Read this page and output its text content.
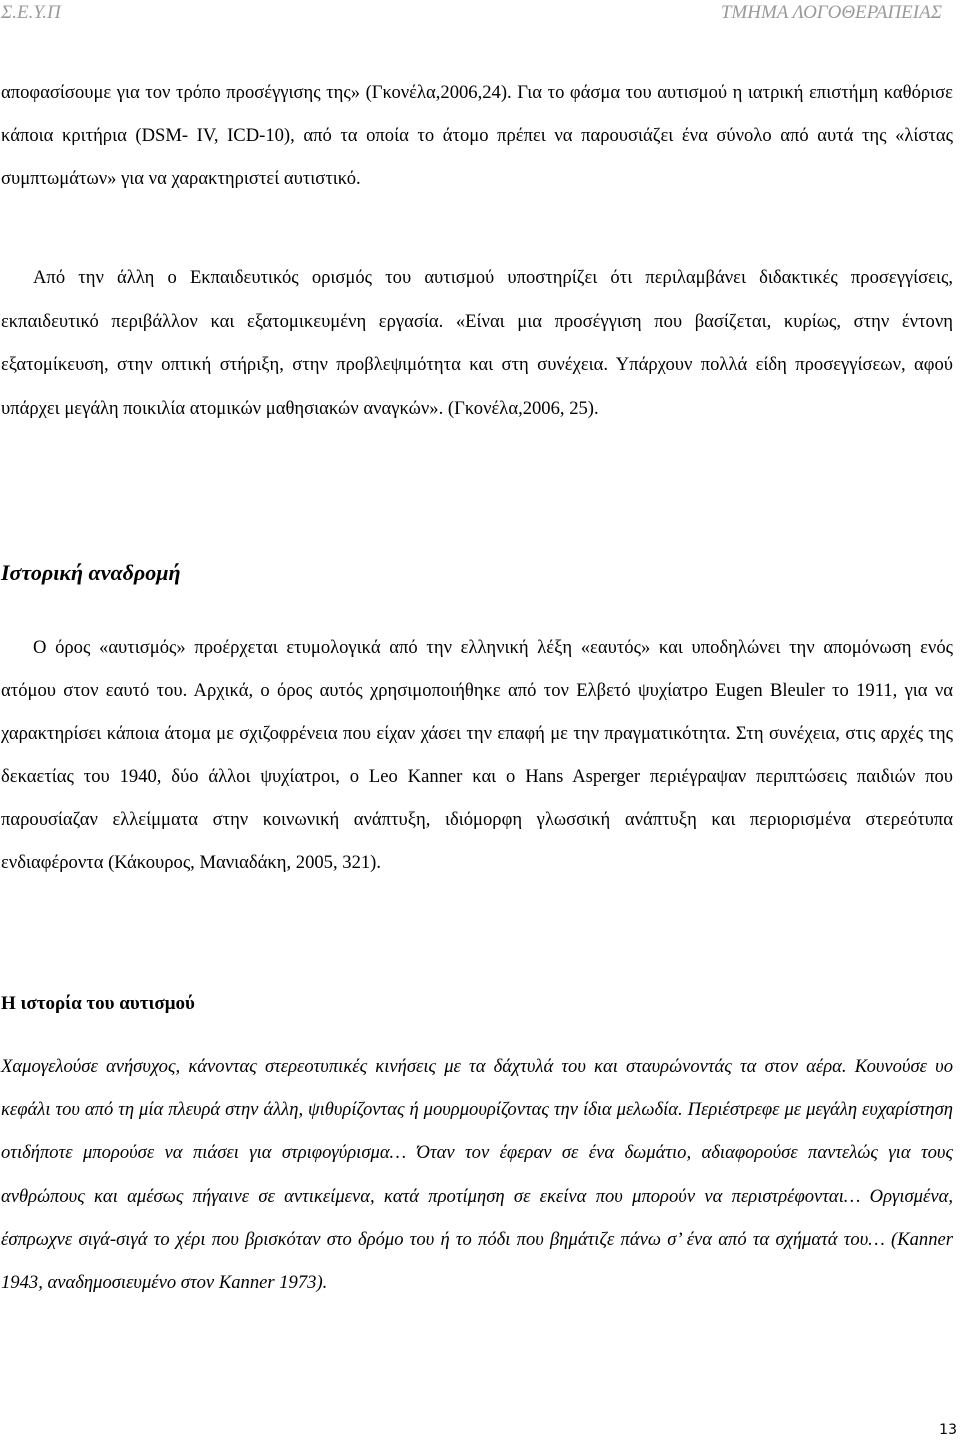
Σ.Ε.Υ.Π	ΤΜΗΜΑ ΛΟΓΟΘΕΡΑΠΕΙΑΣ

αποφασίσουμε για τον τρόπο προσέγγισης της» (Γκονέλα,2006,24). Για το φάσμα του αυτισμού η ιατρική επιστήμη καθόρισε κάποια κριτήρια (DSM- IV, ICD-10), από τα οποία το άτομο πρέπει να παρουσιάζει ένα σύνολο από αυτά της «λίστας συμπτωμάτων» για να χαρακτηριστεί αυτιστικό.

Από την άλλη ο Εκπαιδευτικός ορισμός του αυτισμού υποστηρίζει ότι περιλαμβάνει διδακτικές προσεγγίσεις, εκπαιδευτικό περιβάλλον και εξατομικευμένη εργασία. «Είναι μια προσέγγιση που βασίζεται, κυρίως, στην έντονη εξατομίκευση, στην οπτική στήριξη, στην προβλεψιμότητα και στη συνέχεια. Υπάρχουν πολλά είδη προσεγγίσεων, αφού υπάρχει μεγάλη ποικιλία ατομικών μαθησιακών αναγκών». (Γκονέλα,2006, 25).

Ιστορική αναδρομή

Ο όρος «αυτισμός» προέρχεται ετυμολογικά από την ελληνική λέξη «εαυτός» και υποδηλώνει την απομόνωση ενός ατόμου στον εαυτό του. Αρχικά, ο όρος αυτός χρησιμοποιήθηκε από τον Ελβετό ψυχίατρο Eugen Bleuler το 1911, για να χαρακτηρίσει κάποια άτομα με σχιζοφρένεια που είχαν χάσει την επαφή με την πραγματικότητα. Στη συνέχεια, στις αρχές της δεκαετίας του 1940, δύο άλλοι ψυχίατροι, ο Leo Kanner και ο Hans Asperger περιέγραψαν περιπτώσεις παιδιών που παρουσίαζαν ελλείμματα στην κοινωνική ανάπτυξη, ιδιόμορφη γλωσσική ανάπτυξη και περιορισμένα στερεότυπα ενδιαφέροντα (Κάκουρος, Μανιαδάκη, 2005, 321).

Η ιστορία του αυτισμού

Χαμογελούσε ανήσυχος, κάνοντας στερεοτυπικές κινήσεις με τα δάχτυλά του και σταυρώνοντάς τα στον αέρα. Κουνούσε υο κεφάλι του από τη μία πλευρά στην άλλη, ψιθυρίζοντας ή μουρμουρίζοντας την ίδια μελωδία. Περιέστρεφε με μεγάλη ευχαρίστηση οτιδήποτε μπορούσε να πιάσει για στριφογύρισμα… Όταν τον έφεραν σε ένα δωμάτιο, αδιαφορούσε παντελώς για τους ανθρώπους και αμέσως πήγαινε σε αντικείμενα, κατά προτίμηση σε εκείνα που μπορούν να περιστρέφονται… Οργισμένα, έσπρωχνε σιγά-σιγά το χέρι που βρισκόταν στο δρόμο του ή το πόδι που βημάτιζε πάνω σ’ ένα από τα σχήματά του… (Kanner 1943, αναδημοσιευμένο στον Kanner 1973).

13
